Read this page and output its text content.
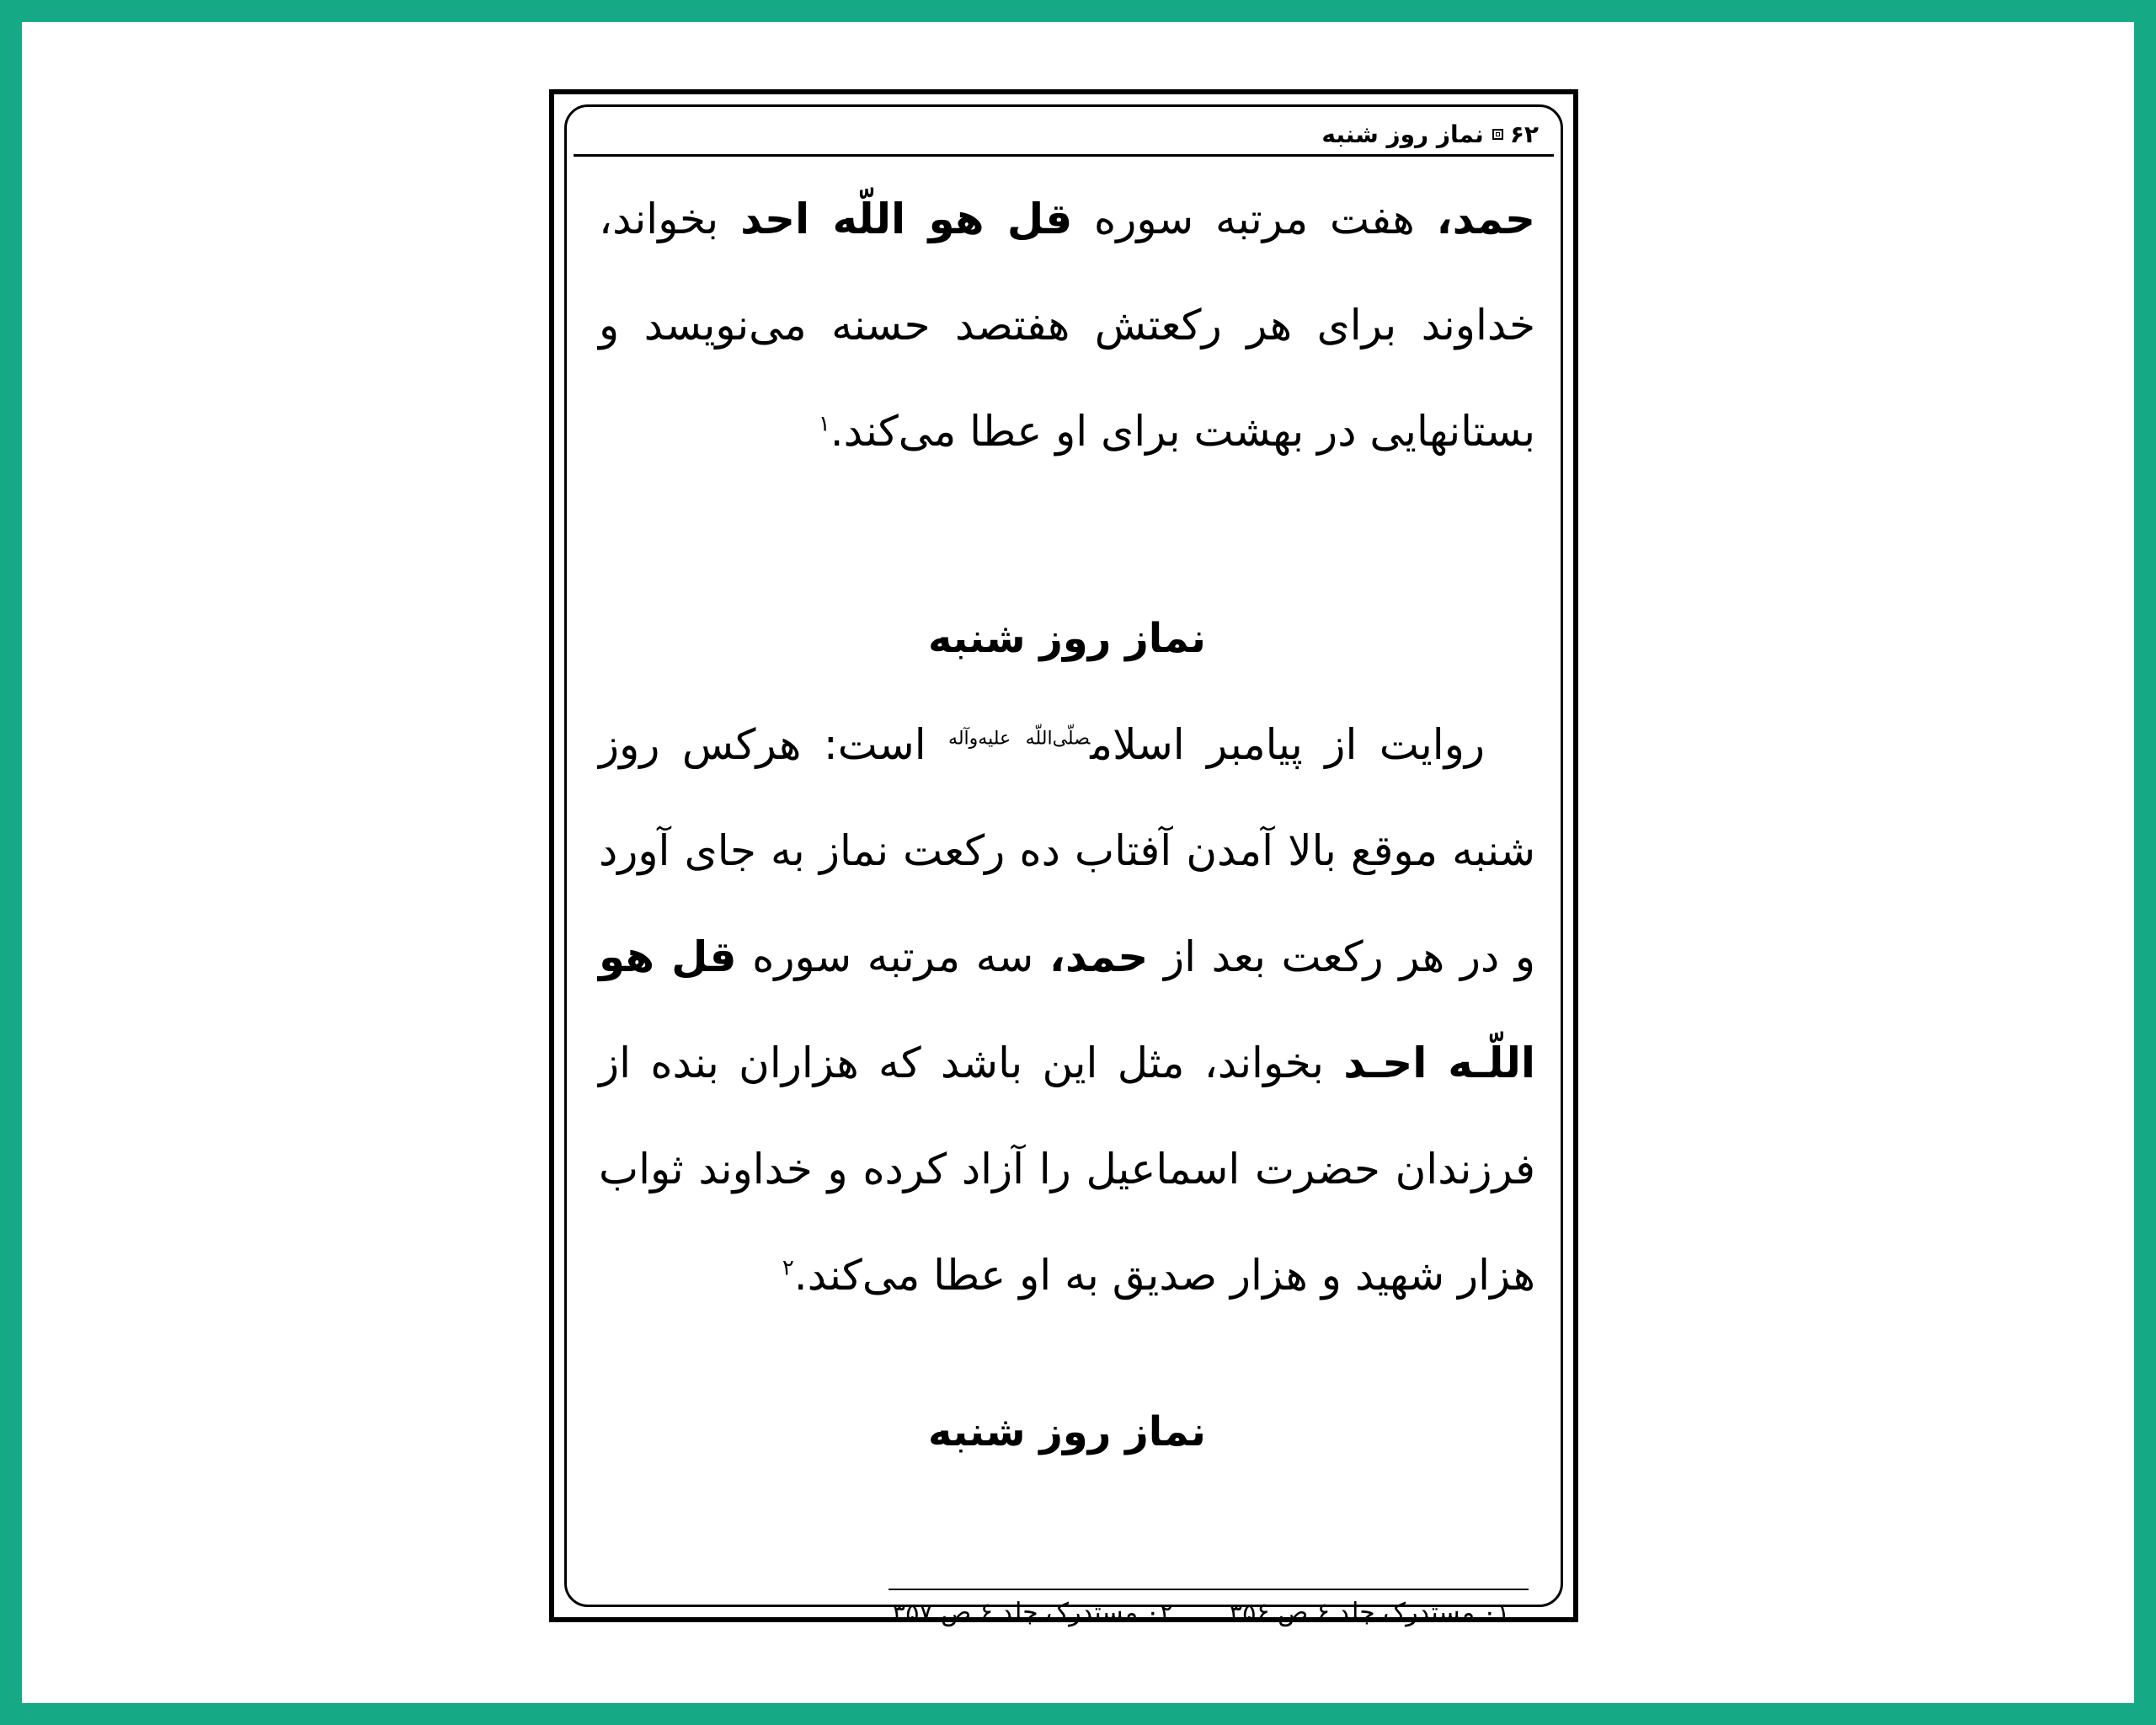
۶۲
نماز روز شنبه

حمد، هفت مرتبه سوره قل هو اللّه احد بخواند، خداوند برای هر رکعتش هفتصد حسنه می‌نویسد و بستانهایی در بهشت برای او عطا می‌کند.$^۱$

نماز روز شنبه

روایت از پیامبر اسلام$^{صلّی‌اللّه علیه‌وآله}$ است: هرکس روز شنبه موقع بالا آمدن آفتاب ده رکعت نماز به جای آورد و در هر رکعت بعد از حمد، سه مرتبه سوره قل هو اللّـه احـد بخواند، مثل این باشد که هزاران بنده از فرزندان حضرت اسماعیل را آزاد کرده و خداوند ثواب هزار شهید و هزار صدیق به او عطا می‌کند.$^۲$

نماز روز شنبه

۰۱ مستدرک جلد ۶ ص ۳۵۶.
۰۲ مستدرک جلد ۶ ص ۳۵۷.
